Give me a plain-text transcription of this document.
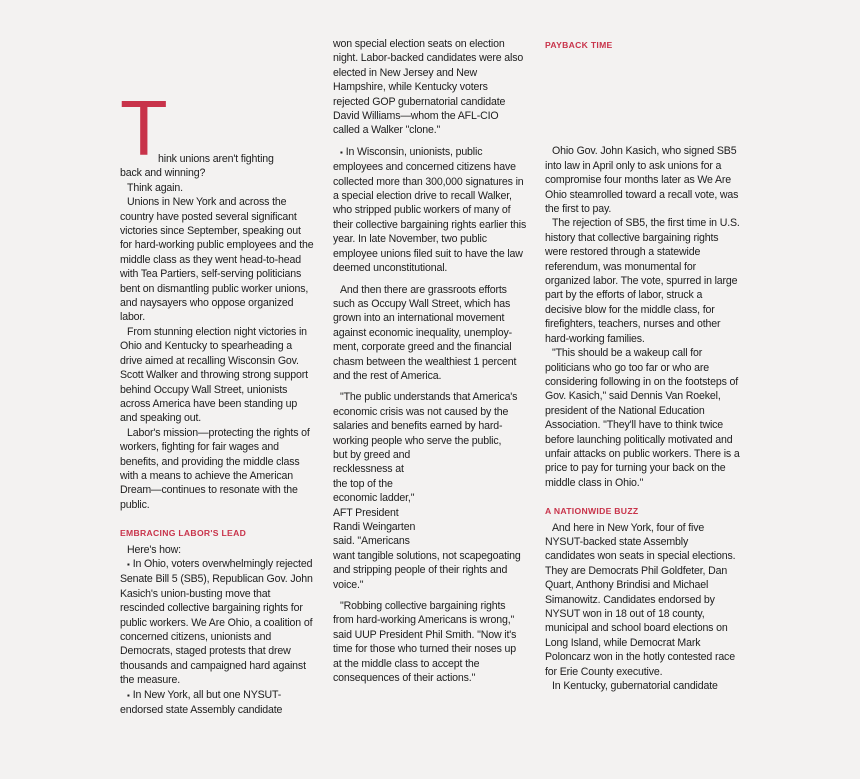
T

hink unions aren't fighting

back and winning?

Think again.

Unions in New York and across the country have posted several significant victories since September, speaking out for hard-working public employees and the middle class as they went head-to-head with Tea Partiers, self-serving politicians bent on dismantling public worker unions, and naysayers who oppose organized labor.

From stunning election night victories in Ohio and Kentucky to spearheading a drive aimed at recalling Wisconsin Gov. Scott Walker and throwing strong support behind Occupy Wall Street, unionists across America have been standing up and speaking out.

Labor's mission—protecting the rights of workers, fighting for fair wages and benefits, and providing the middle class with a means to achieve the American Dream—continues to resonate with the public.

EMBRACING LABOR'S LEAD

Here's how:

▪ In Ohio, voters overwhelmingly rejected Senate Bill 5 (SB5), Republican Gov. John Kasich's union-busting move that rescinded collective bargaining rights for public workers. We Are Ohio, a coalition of concerned citizens, unionists and Democrats, staged protests that drew thousands and campaigned hard against the measure.

▪ In New York, all but one NYSUT-endorsed state Assembly candidate

won special election seats on election night. Labor-backed candidates were also elected in New Jersey and New Hampshire, while Kentucky voters rejected GOP gubernatorial candidate David Williams—whom the AFL-CIO called a Walker "clone."

▪ In Wisconsin, unionists, public employees and concerned citizens have collected more than 300,000 signatures in a special election drive to recall Walker, who stripped public workers of many of their collective bargaining rights earlier this year. In late November, two public employee unions filed suit to have the law deemed unconstitutional.

And then there are grassroots efforts such as Occupy Wall Street, which has grown into an international movement against economic inequality, unemploy-ment, corporate greed and the financial chasm between the wealthiest 1 percent and the rest of America.

"The public understands that America's economic crisis was not caused by the salaries and benefits earned by hard-working people who serve the public,

but by greed and

recklessness at

the top of the

economic ladder,"

AFT President

Randi Weingarten

said. "Americans

want tangible solutions, not scapegoating and stripping people of their rights and voice."

"Robbing collective bargaining rights from hard-working Americans is wrong," said UUP President Phil Smith. "Now it's time for those who turned their noses up at the middle class to accept the consequences of their actions."

PAYBACK TIME

Ohio Gov. John Kasich, who signed SB5 into law in April only to ask unions for a compromise four months later as We Are Ohio steamrolled toward a recall vote, was the first to pay.

The rejection of SB5, the first time in U.S. history that collective bargaining rights were restored through a statewide referendum, was monumental for organized labor. The vote, spurred in large part by the efforts of labor, struck a decisive blow for the middle class, for firefighters, teachers, nurses and other hard-working families.

"This should be a wakeup call for politicians who go too far or who are considering following in on the footsteps of Gov. Kasich," said Dennis Van Roekel, president of the National Education Association. "They'll have to think twice before launching politically motivated and unfair attacks on public workers. There is a price to pay for turning your back on the middle class in Ohio."

A NATIONWIDE BUZZ

And here in New York, four of five NYSUT-backed state Assembly candidates won seats in special elections. They are Democrats Phil Goldfeter, Dan Quart, Anthony Brindisi and Michael Simanowitz. Candidates endorsed by NYSUT won in 18 out of 18 county, municipal and school board elections on Long Island, while Democrat Mark Poloncarz won in the hotly contested race for Erie County executive.

In Kentucky, gubernatorial candidate
